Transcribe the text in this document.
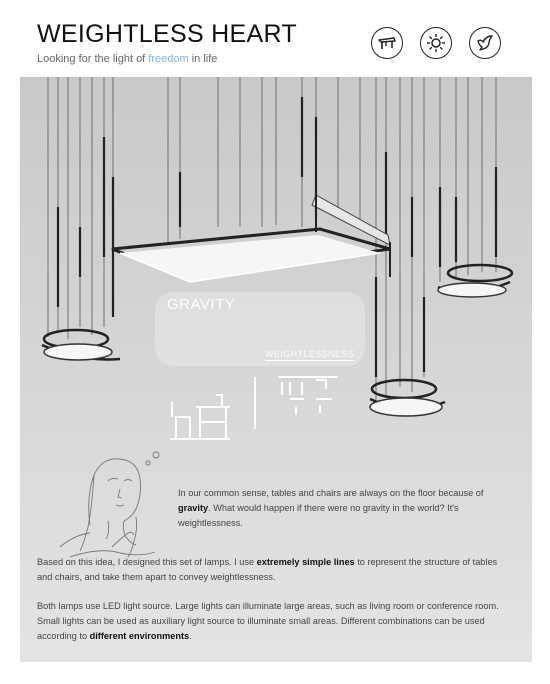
WEIGHTLESS HEART
Looking for the light of freedom in life
GRAVITY
WEIGHTLESSNESS

In our common sense, tables and chairs are always on the floor because of gravity. What would happen if there were no gravity in the world? It's weightlessness.

Based on this idea, I designed this set of lamps. I use extremely simple lines to represent the structure of tables and chairs, and take them apart to convey weightlessness.

Both lamps use LED light source. Large lights can illuminate large areas, such as living room or conference room. Small lights can be used as auxiliary light source to illuminate small areas. Different combinations can be used according to different environments.
